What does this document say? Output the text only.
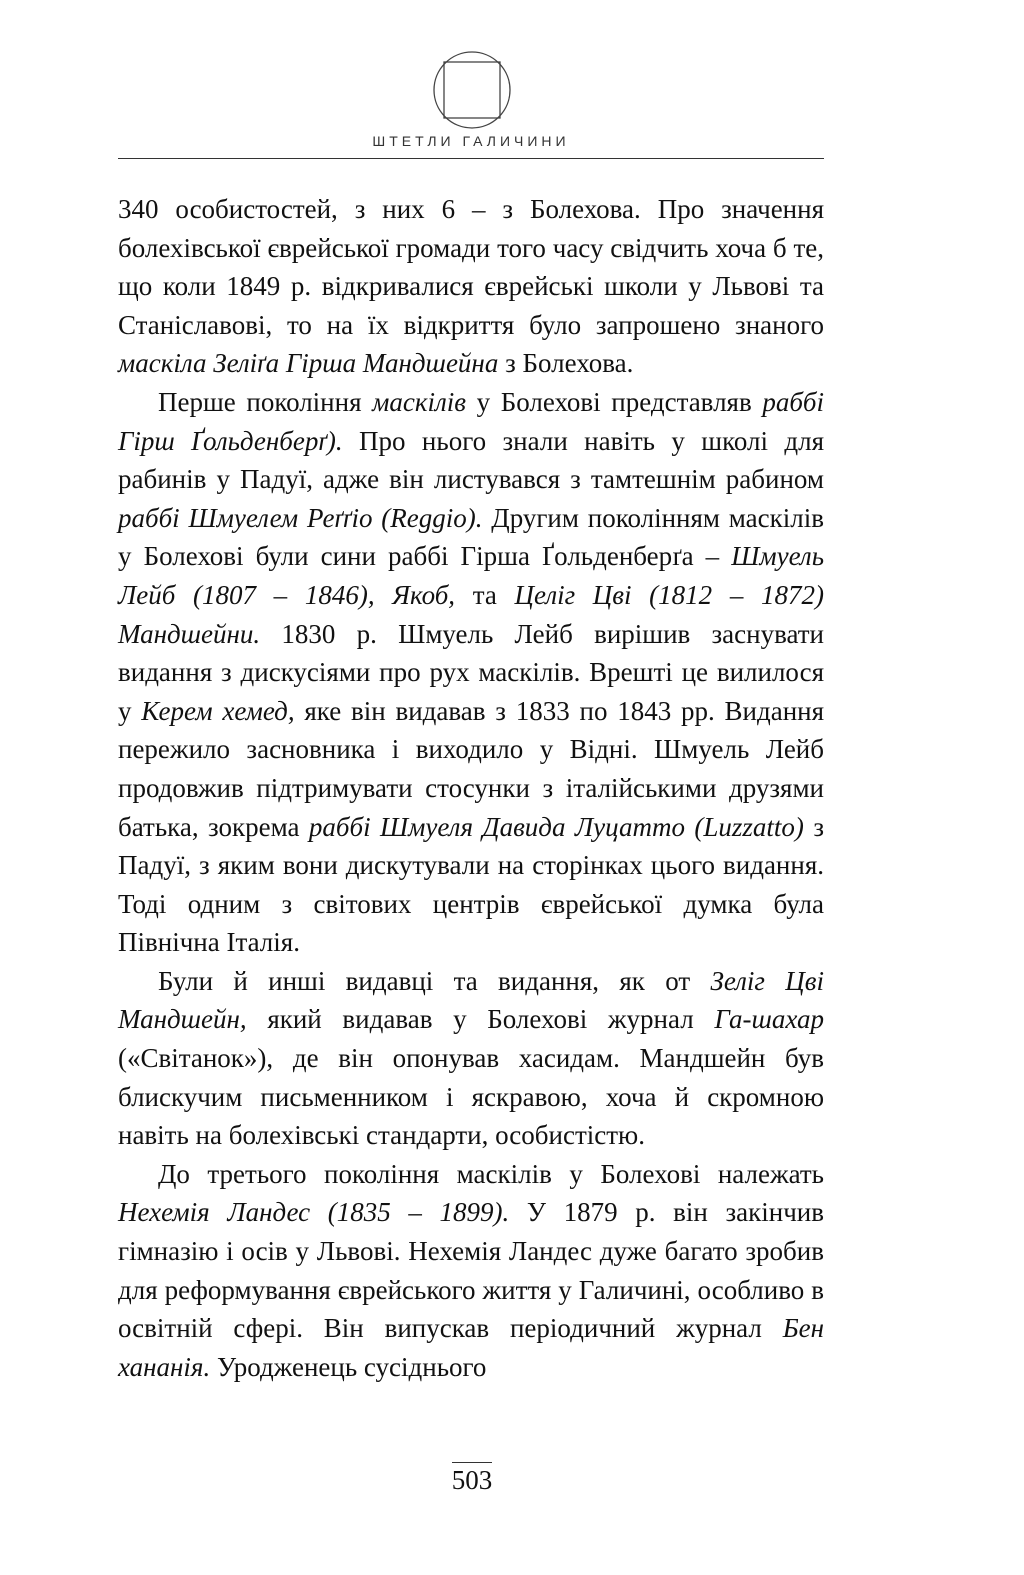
ШТЕТЛИ ГАЛИЧИНИ

340 особистостей, з них 6 – з Болехова. Про значення болехівської єврейської громади того часу свідчить хоча б те, що коли 1849 р. відкривалися єврейські школи у Львові та Станіславові, то на їх відкриття було запрошено знаного маскіла Зеліґа Гірша Мандшейна з Болехова.

Перше покоління маскілів у Болехові представляв раббі Гірш Ґольденберґ). Про нього знали навіть у школі для рабинів у Падуї, адже він листувався з тамтешнім рабином раббі Шмуелем Реґґіо (Reggio). Другим поколінням маскілів у Болехові були сини раббі Гірша Ґольденберґа – Шмуель Лейб (1807 – 1846), Якоб, та Целіг Цві (1812 – 1872) Мандшейни. 1830 р. Шмуель Лейб вирішив заснувати видання з дискусіями про рух маскілів. Врешті це вилилося у Керем хемед, яке він видавав з 1833 по 1843 рр. Видання пережило засновника і виходило у Відні. Шмуель Лейб продовжив підтримувати стосунки з італійськими друзями батька, зокрема раббі Шмуеля Давида Луцатто (Luzzatto) з Падуї, з яким вони дискутували на сторінках цього видання. Тоді одним з світових центрів єврейської думка була Північна Італія.

Були й инші видавці та видання, як от Зеліг Цві Мандшейн, який видавав у Болехові журнал Га-шахар («Світанок»), де він опонував хасидам. Мандшейн був блискучим письменником і яскравою, хоча й скромною навіть на болехівські стандарти, особистістю.

До третього покоління маскілів у Болехові належать Нехемія Ландес (1835 – 1899). У 1879 р. він закінчив гімназію і осів у Львові. Нехемія Ландес дуже багато зробив для реформування єврейського життя у Галичині, особливо в освітній сфері. Він випускав періодичний журнал Бен хананія. Уродженець сусіднього

503
